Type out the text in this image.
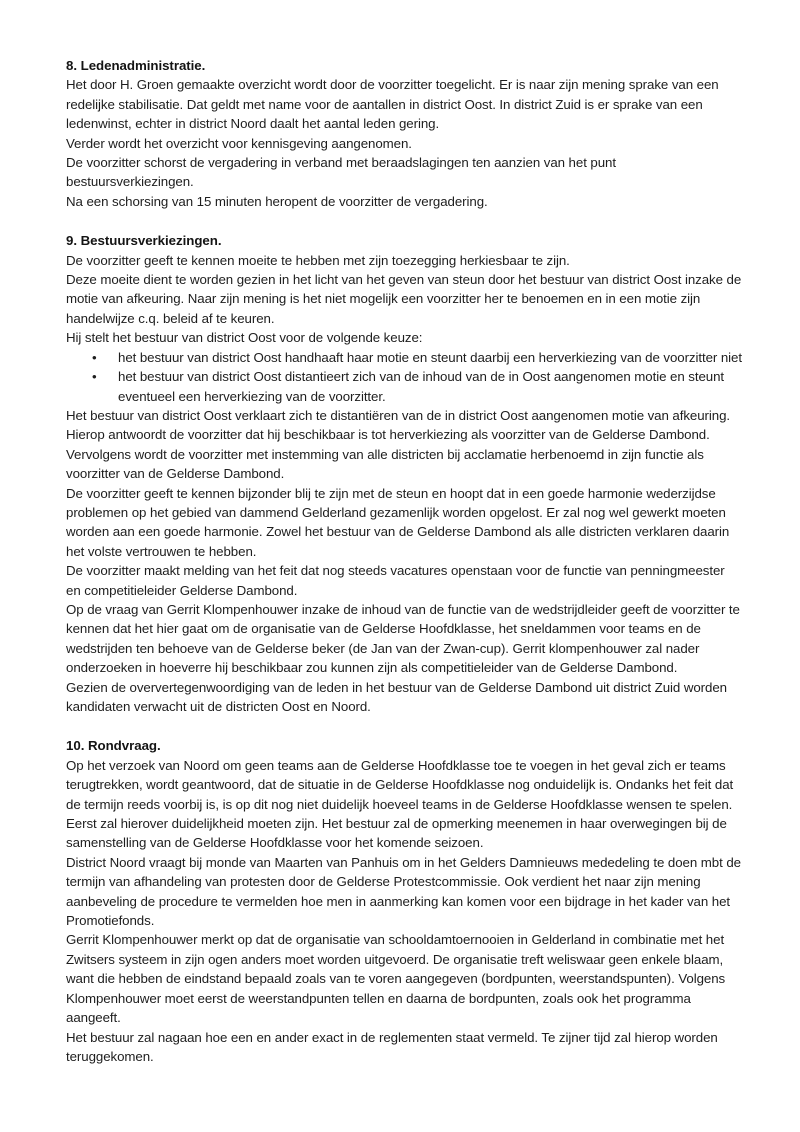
8. Ledenadministratie.

Het door H. Groen gemaakte overzicht wordt door de voorzitter toegelicht. Er is naar zijn mening sprake van een redelijke stabilisatie. Dat geldt met name voor de aantallen in district Oost. In district Zuid is er sprake van een ledenwinst, echter in district Noord daalt het aantal leden gering.

Verder wordt het overzicht voor kennisgeving aangenomen.

De voorzitter schorst de vergadering in verband met beraadslagingen ten aanzien van het punt bestuursverkiezingen.

Na een schorsing van 15 minuten heropent de voorzitter de vergadering.

9. Bestuursverkiezingen.

De voorzitter geeft te kennen moeite te hebben met zijn toezegging herkiesbaar te zijn.

Deze moeite dient te worden gezien in het licht van het geven van steun door het bestuur van district Oost inzake de motie van afkeuring. Naar zijn mening is het niet mogelijk een voorzitter her te benoemen en in een motie zijn handelwijze c.q. beleid af te keuren.

Hij stelt het bestuur van district Oost voor de volgende keuze:

• het bestuur van district Oost handhaaft haar motie en steunt daarbij een herverkiezing van de voorzitter niet
• het bestuur van district Oost distantieert zich van de inhoud van de in Oost aangenomen motie en steunt eventueel een herverkiezing van de voorzitter.

Het bestuur van district Oost verklaart zich te distantiëren van de in district Oost aangenomen motie van afkeuring.

Hierop antwoordt de voorzitter dat hij beschikbaar is tot herverkiezing als voorzitter van de Gelderse Dambond. Vervolgens wordt de voorzitter met instemming van alle districten bij acclamatie herbenoemd in zijn functie als voorzitter van de Gelderse Dambond.

De voorzitter geeft te kennen bijzonder blij te zijn met de steun en hoopt dat in een goede harmonie wederzijdse problemen op het gebied van dammend Gelderland gezamenlijk worden opgelost. Er zal nog wel gewerkt moeten worden aan een goede harmonie. Zowel het bestuur van de Gelderse Dambond als alle districten verklaren daarin het volste vertrouwen te hebben.

De voorzitter maakt melding van het feit dat nog steeds vacatures openstaan voor de functie van penningmeester en competitieleider Gelderse Dambond.

Op de vraag van Gerrit Klompenhouwer inzake de inhoud van de functie van de wedstrijdleider geeft de voorzitter te kennen dat het hier gaat om de organisatie van de Gelderse Hoofdklasse, het sneldammen voor teams en de wedstrijden ten behoeve van de Gelderse beker (de Jan van der Zwan-cup). Gerrit klompenhouwer zal nader onderzoeken in hoeverre hij beschikbaar zou kunnen zijn als competitieleider van de Gelderse Dambond.

Gezien de oververtegenwoordiging van de leden in het bestuur van de Gelderse Dambond uit district Zuid worden kandidaten verwacht uit de districten Oost en Noord.

10. Rondvraag.

Op het verzoek van Noord om geen teams aan de Gelderse Hoofdklasse toe te voegen in het geval zich er teams terugtrekken, wordt geantwoord, dat de situatie in de Gelderse Hoofdklasse nog onduidelijk is. Ondanks het feit dat de termijn reeds voorbij is, is op dit nog niet duidelijk hoeveel teams in de Gelderse Hoofdklasse wensen te spelen. Eerst zal hierover duidelijkheid moeten zijn. Het bestuur zal de opmerking meenemen in haar overwegingen bij de samenstelling van de Gelderse Hoofdklasse voor het komende seizoen.

District Noord vraagt bij monde van Maarten van Panhuis om in het Gelders Damnieuws mededeling te doen mbt de termijn van afhandeling van protesten door de Gelderse Protestcommissie. Ook verdient het naar zijn mening aanbeveling de procedure te vermelden hoe men in aanmerking kan komen voor een bijdrage in het kader van het Promotiefonds.

Gerrit Klompenhouwer merkt op dat de organisatie van schooldamtoernooien in Gelderland in combinatie met het Zwitsers systeem in zijn ogen anders moet worden uitgevoerd. De organisatie treft weliswaar geen enkele blaam, want die hebben de eindstand bepaald zoals van te voren aangegeven (bordpunten, weerstandspunten). Volgens Klompenhouwer moet eerst de weerstandpunten tellen en daarna de bordpunten, zoals ook het programma aangeeft.

Het bestuur zal nagaan hoe een en ander exact in de reglementen staat vermeld. Te zijner tijd zal hierop worden teruggekomen.
